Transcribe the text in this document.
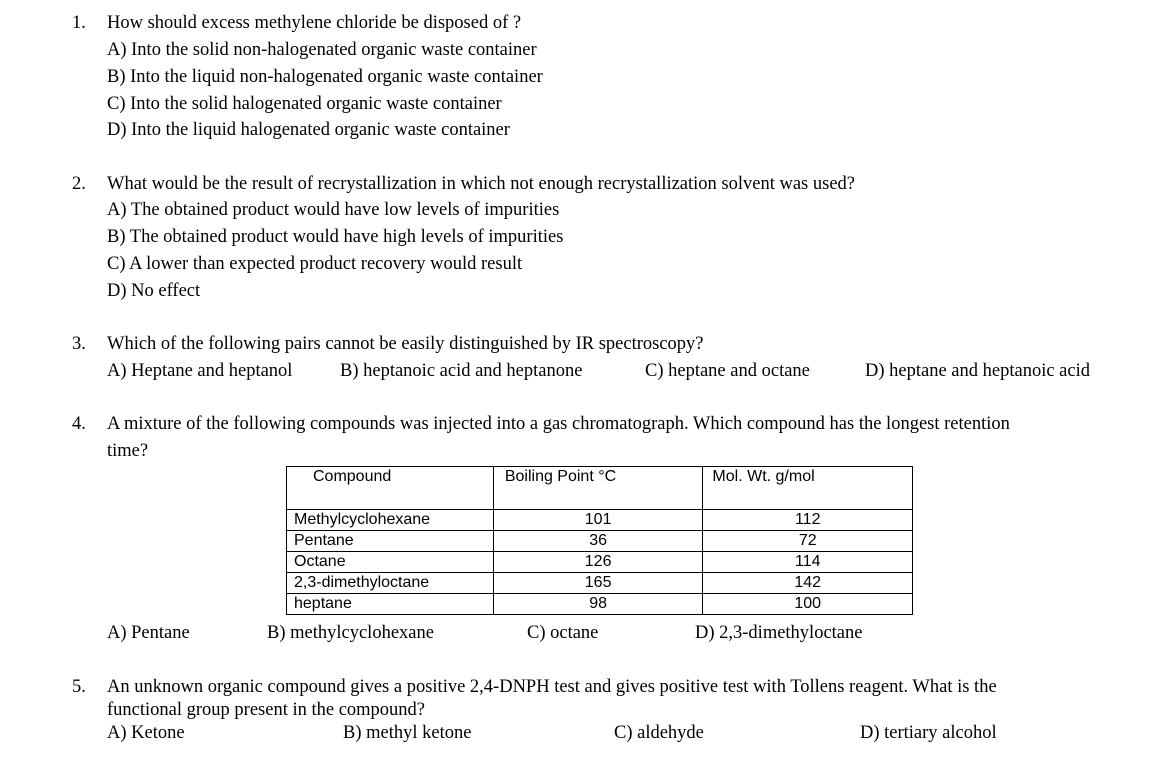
1. How should excess methylene chloride be disposed of ?
A) Into the solid non-halogenated organic waste container
B) Into the liquid non-halogenated organic waste container
C) Into the solid halogenated organic waste container
D) Into the liquid halogenated organic waste container
2. What would be the result of recrystallization in which not enough recrystallization solvent was used?
A) The obtained product would have low levels of impurities
B) The obtained product would have high levels of impurities
C) A lower than expected product recovery would result
D) No effect
3. Which of the following pairs cannot be easily distinguished by IR spectroscopy?
A) Heptane and heptanol	B) heptanoic acid and heptanone	C) heptane and octane	D) heptane and heptanoic acid
4. A mixture of the following compounds was injected into a gas chromatograph. Which compound has the longest retention
time?
Compound	Boiling Point °C	Mol. Wt. g/mol
Methylcyclohexane	101	112
Pentane	36	72
Octane	126	114
2,3-dimethyloctane	165	142
heptane	98	100
A) Pentane	B) methylcyclohexane	C) octane	D) 2,3-dimethyloctane
5. An unknown organic compound gives a positive 2,4-DNPH test and gives positive test with Tollens reagent. What is the
functional group present in the compound?
A) Ketone	B) methyl ketone	C) aldehyde	D) tertiary alcohol
